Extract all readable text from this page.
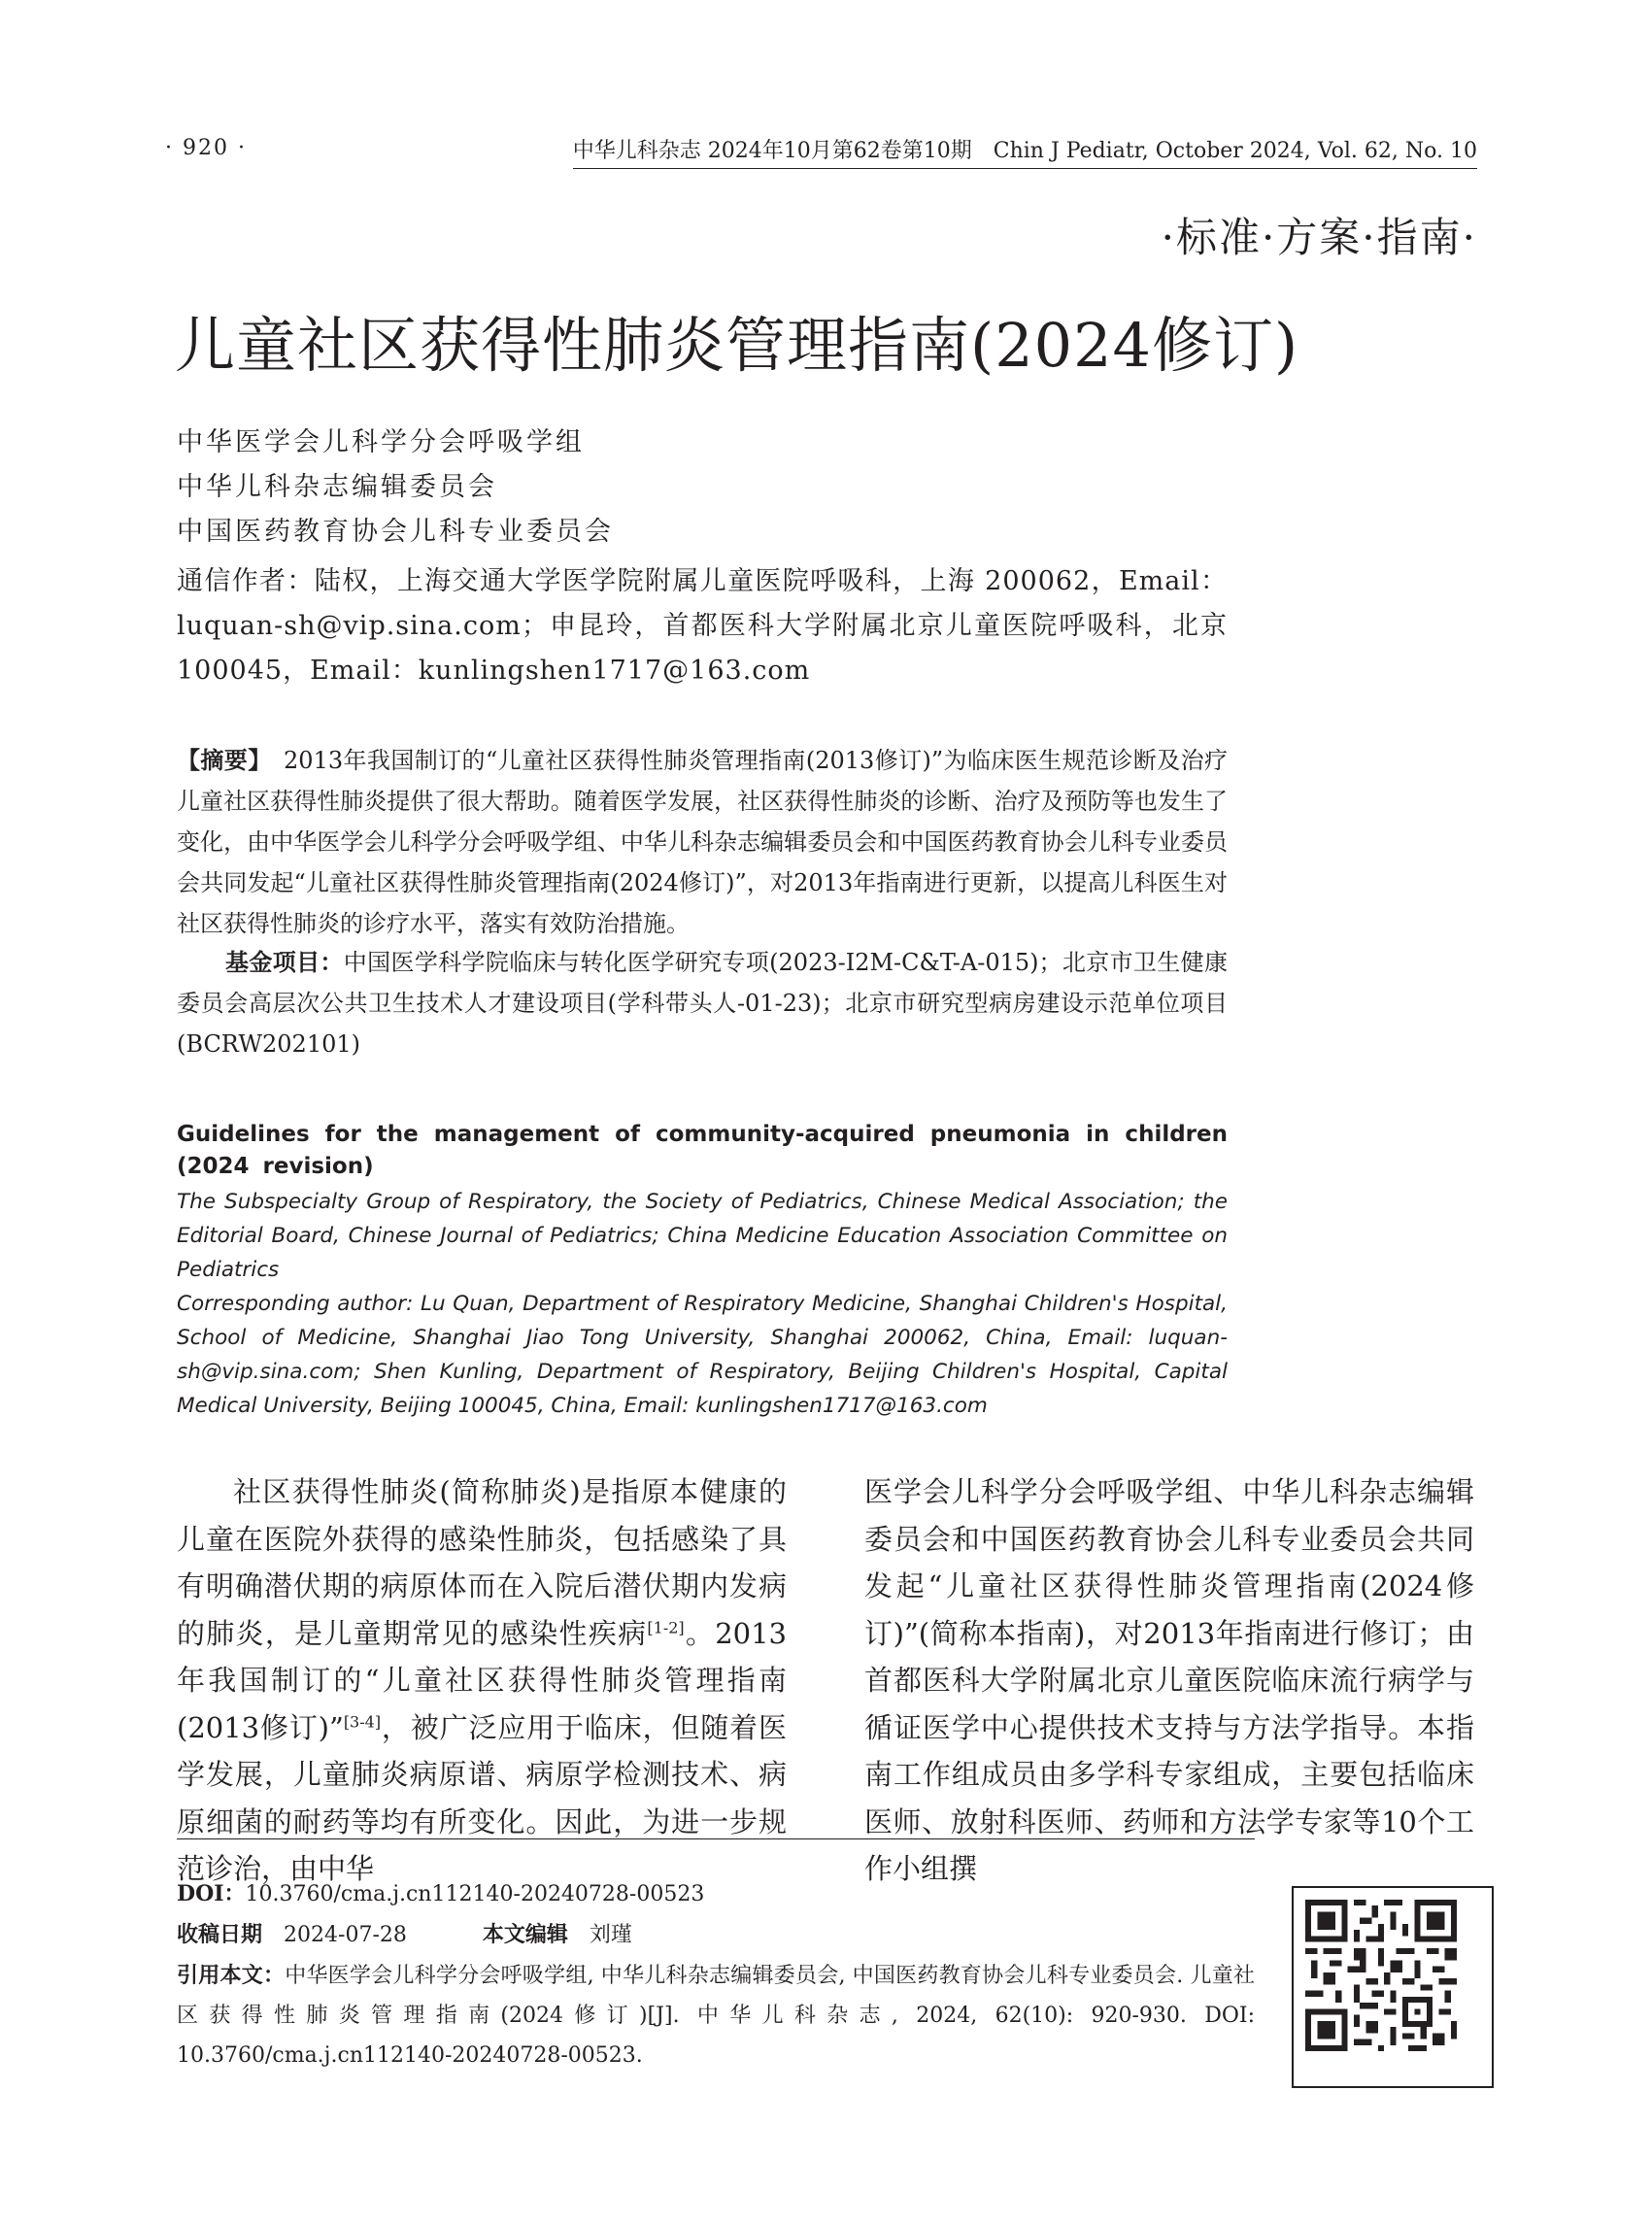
· 920 ·	中华儿科杂志 2024年10月第62卷第10期　Chin J Pediatr, October 2024, Vol. 62, No. 10
·标准·方案·指南·
儿童社区获得性肺炎管理指南(2024修订)

中华医学会儿科学分会呼吸学组

中华儿科杂志编辑委员会

中国医药教育协会儿科专业委员会

通信作者：陆权，上海交通大学医学院附属儿童医院呼吸科，上海 200062，Email：luquan-sh@vip.sina.com；申昆玲，首都医科大学附属北京儿童医院呼吸科，北京 100045，Email：kunlingshen1717@163.com

【摘要】　 2013年我国制订的“儿童社区获得性肺炎管理指南(2013修订)”为临床医生规范诊断及治疗儿童社区获得性肺炎提供了很大帮助。随着医学发展，社区获得性肺炎的诊断、治疗及预防等也发生了变化，由中华医学会儿科学分会呼吸学组、中华儿科杂志编辑委员会和中国医药教育协会儿科专业委员会共同发起“儿童社区获得性肺炎管理指南(2024修订)”，对2013年指南进行更新，以提高儿科医生对社区获得性肺炎的诊疗水平，落实有效防治措施。

基金项目：中国医学科学院临床与转化医学研究专项(2023-I2M-C&T-A-015)；北京市卫生健康委员会高层次公共卫生技术人才建设项目(学科带头人-01-23)；北京市研究型病房建设示范单位项目(BCRW202101)

Guidelines for the management of community-acquired pneumonia in children (2024 revision)

The Subspecialty Group of Respiratory, the Society of Pediatrics, Chinese Medical Association; the Editorial Board, Chinese Journal of Pediatrics; China Medicine Education Association Committee on Pediatrics

Corresponding author: Lu Quan, Department of Respiratory Medicine, Shanghai Children's Hospital, School of Medicine, Shanghai Jiao Tong University, Shanghai 200062, China, Email: luquan-sh@vip.sina.com; Shen Kunling, Department of Respiratory, Beijing Children's Hospital, Capital Medical University, Beijing 100045, China, Email: kunlingshen1717@163.com

社区获得性肺炎(简称肺炎)是指原本健康的儿童在医院外获得的感染性肺炎，包括感染了具有明确潜伏期的病原体而在入院后潜伏期内发病的肺炎，是儿童期常见的感染性疾病[1-2]。2013年我国制订的“儿童社区获得性肺炎管理指南(2013修订)”[3-4]，被广泛应用于临床，但随着医学发展，儿童肺炎病原谱、病原学检测技术、病原细菌的耐药等均有所变化。因此，为进一步规范诊治，由中华

医学会儿科学分会呼吸学组、中华儿科杂志编辑委员会和中国医药教育协会儿科专业委员会共同发起“儿童社区获得性肺炎管理指南(2024修订)”(简称本指南)，对2013年指南进行修订；由首都医科大学附属北京儿童医院临床流行病学与循证医学中心提供技术支持与方法学指导。本指南工作组成员由多学科专家组成，主要包括临床医师、放射科医师、药师和方法学专家等10个工作小组撰

DOI：10.3760/cma.j.cn112140-20240728-00523

收稿日期　 2024-07-28	本文编辑　 刘瑾

引用本文：中华医学会儿科学分会呼吸学组, 中华儿科杂志编辑委员会, 中国医药教育协会儿科专业委员会. 儿童社区获得性肺炎管理指南(2024修订)[J]. 中华儿科杂志, 2024, 62(10): 920-930. DOI: 10.3760/cma.j.cn112140-20240728-00523.
